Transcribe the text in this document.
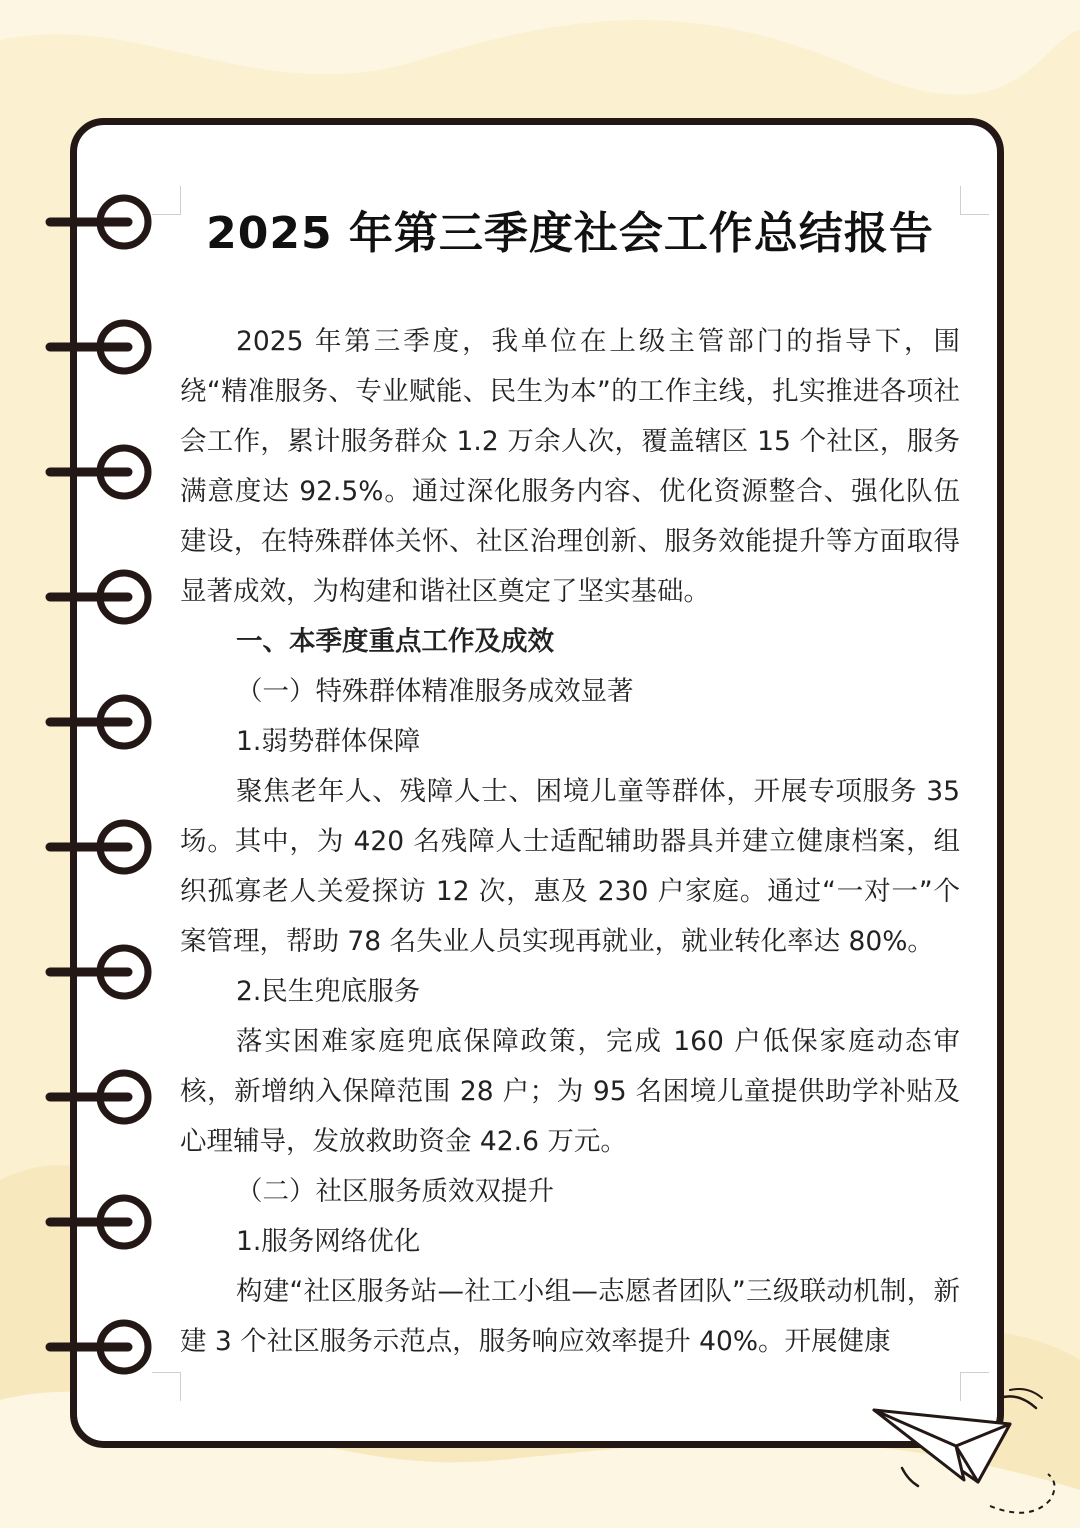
2025 年第三季度社会工作总结报告

2025 年第三季度，我单位在上级主管部门的指导下，围绕“精准服务、专业赋能、民生为本”的工作主线，扎实推进各项社会工作，累计服务群众 1.2 万余人次，覆盖辖区 15 个社区，服务满意度达 92.5%。通过深化服务内容、优化资源整合、强化队伍建设，在特殊群体关怀、社区治理创新、服务效能提升等方面取得显著成效，为构建和谐社区奠定了坚实基础。

一、本季度重点工作及成效

（一）特殊群体精准服务成效显著

1.弱势群体保障

聚焦老年人、残障人士、困境儿童等群体，开展专项服务 35 场。其中，为 420 名残障人士适配辅助器具并建立健康档案，组织孤寡老人关爱探访 12 次，惠及 230 户家庭。通过“一对一”个案管理，帮助 78 名失业人员实现再就业，就业转化率达 80%。

2.民生兜底服务

落实困难家庭兜底保障政策，完成 160 户低保家庭动态审核，新增纳入保障范围 28 户；为 95 名困境儿童提供助学补贴及心理辅导，发放救助资金 42.6 万元。

（二）社区服务质效双提升

1.服务网络优化

构建“社区服务站—社工小组—志愿者团队”三级联动机制，新建 3 个社区服务示范点，服务响应效率提升 40%。开展健康
